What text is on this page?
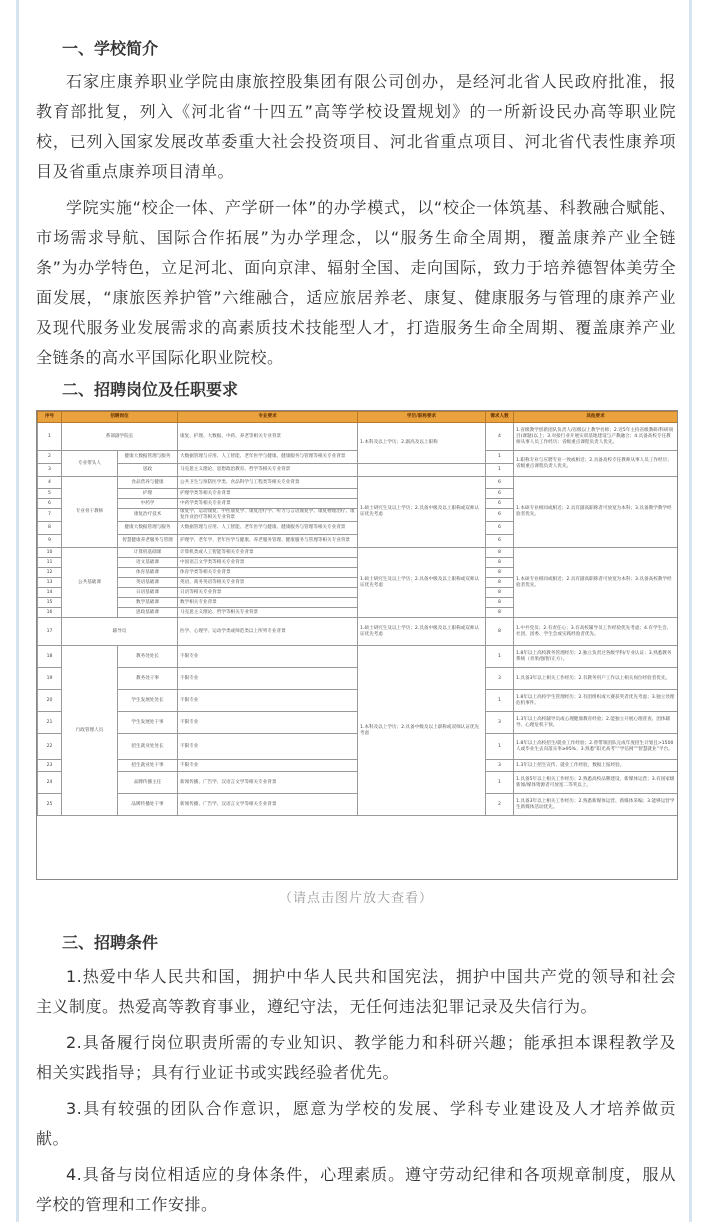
一、学校简介

石家庄康养职业学院由康旅控股集团有限公司创办，是经河北省人民政府批准，报教育部批复，列入《河北省“十四五”高等学校设置规划》的一所新设民办高等职业院校，已列入国家发展改革委重大社会投资项目、河北省重点项目、河北省代表性康养项目及省重点康养项目清单。

学院实施“校企一体、产学研一体”的办学模式，以“校企一体筑基、科教融合赋能、市场需求导航、国际合作拓展”为办学理念，以“服务生命全周期，覆盖康养产业全链条”为办学特色，立足河北、面向京津、辐射全国、走向国际，致力于培养德智体美劳全面发展，“康旅医养护管”六维融合，适应旅居养老、康复、健康服务与管理的康养产业及现代服务业发展需求的高素质技术技能型人才，打造服务生命全周期、覆盖康养产业全链条的高水平国际化职业院校。

二、招聘岗位及任职要求
序号	招聘岗位		专业要求	学历/职称要求	需求人数	其他要求
1	系部副学院长		康复、护理、大数据、中药、养老等相关专业背景	1.本科及以上学历；2.副高及以上职称	4	1.省级教学创新团队负责人/省级以上教学名师；2.近5年主持省级教研/科研项目(课题)以上；3.对接行业开展实训基地建设与产教融合；4.具备高校专任教师从事人员工作经历；省级重点课程负责人优先。
2	专业带头人	健康大数据管理与服务	大数据管理与应用、人工智能、老年医学与健康、健康服务与管理等相关专业背景		1	1.职称专业与应聘专业一致或相近；2.具备高校专任教师从事人员工作经历；省级重点课程负责人优先。
3		思政	马克思主义理论、思想政治教育、哲学等相关专业背景		1	
4	专业骨干教师	食品营养与健康	公共卫生与预防医学类、食品科学与工程类等相关专业背景	1.硕士研究生及以上学历；2.具备中级及以上职称或双师认证优先考虑	6	1.本硕专业相同或相近；2.具有副高职称者可放宽为本科；3.具备教学教学经验者优先。
5		护理	护理学类等相关专业背景		6	
6		中药学	中药学类等相关专业背景		6	
7		康复治疗技术	康复学、运动康复、中医康复学、康复治疗学、听力与言语康复学、康复物理治疗、康复作业治疗等相关专业背景		6	
8		健康大数据管理与服务	大数据管理与应用、人工智能、老年医学与健康、健康服务与管理等相关专业背景		6	
9		智慧健康养老服务与管理	护理学、老年学、老年医学与健康、养老服务管理、健康服务与管理等相关专业背景		6	
10	公共基础课	计算机基础课	计算机类或人工智能等相关专业背景	1.硕士研究生及以上学历；2.具备中级及以上职称或双师认证优先考虑	8	1.本硕专业相同或相近；2.具有副高职称者可放宽为本科；3.具备高校教学经验者优先。
11		语文基础课	中国语言文学类等相关专业背景		8	
12		体育基础课	体育学类等相关专业背景		8	
13		英语基础课	英语、商务英语等相关专业背景		8	
14		日语基础课	日语等相关专业背景		8	
15		数学基础课	数学相关专业背景		8	
16		思政基础课	马克思主义理论、哲学等相关专业背景		8	
17	辅导员		医学、心理学、运动学类或师范类以上所列专业背景	1.硕士研究生及以上学历；2.具备中级及以上职称或双师认证优先考虑	8	1.中共党员；2.有责任心；3.有高校辅导员工作经验优先考虑；4.有学生会、社团、团委、学生会或实践经验者优先。
18	行政管理人员	教务处处长	不限专业	1.本科及以上学历；2.具备中级及以上职称或双师认证优先考虑	1	1.8年以上高校教务管理经历；2.独立负责过各级学科/专业认证；3.熟悉教务系统（青果/强智/正方）。
19		教务处干事	不限专业		3	1.具备3年以上相关工作经历；2.有教务用户工作以上相关岗位经验者优先。
20		学生发展处处长	不限专业		1	1.8年以上高校学生管理经历；2.有团组织或大赛获奖者优先考虑；3.独立处理危机事件。
21		学生发展处干事	不限专业		3	1.3年以上高校辅导员或心理健康教育经验；2.能独立开展心理普查、团体辅导、心理危机干预。
22		招生就业处处长	不限专业		1	1.8年以上高校招生/就业工作经验；2.曾带领团队完成年度招生计划且>1500人或毕业生去向落实率≥95%；3.熟悉“阳光高考”“学信网”“智慧就业”平台。
23		招生就业处干事	不限专业		3	1.3年以上招生宣传、就业工作经验，数据上报经验。
24		品牌传播主任	新闻传播、广告学、汉语言文学等相关专业背景		1	1.具备5年以上相关工作经历；2.熟悉高校品牌建设、新媒体运营；3.有国家级新闻/媒体资源者可放宽二等奖以上。
25		品牌传播处干事	新闻传播、广告学、汉语言文学等相关专业背景		2	1.具备3年以上相关工作经历；2.熟悉新媒体运营、新媒体采编；3.能够运营学生新媒体活动优先。
（请点击图片放大查看）
三、招聘条件

1.热爱中华人民共和国，拥护中华人民共和国宪法，拥护中国共产党的领导和社会主义制度。热爱高等教育事业，遵纪守法，无任何违法犯罪记录及失信行为。

2.具备履行岗位职责所需的专业知识、教学能力和科研兴趣；能承担本课程教学及相关实践指导；具有行业证书或实践经验者优先。

3.具有较强的团队合作意识，愿意为学校的发展、学科专业建设及人才培养做贡献。

4.具备与岗位相适应的身体条件，心理素质。遵守劳动纪律和各项规章制度，服从学校的管理和工作安排。
